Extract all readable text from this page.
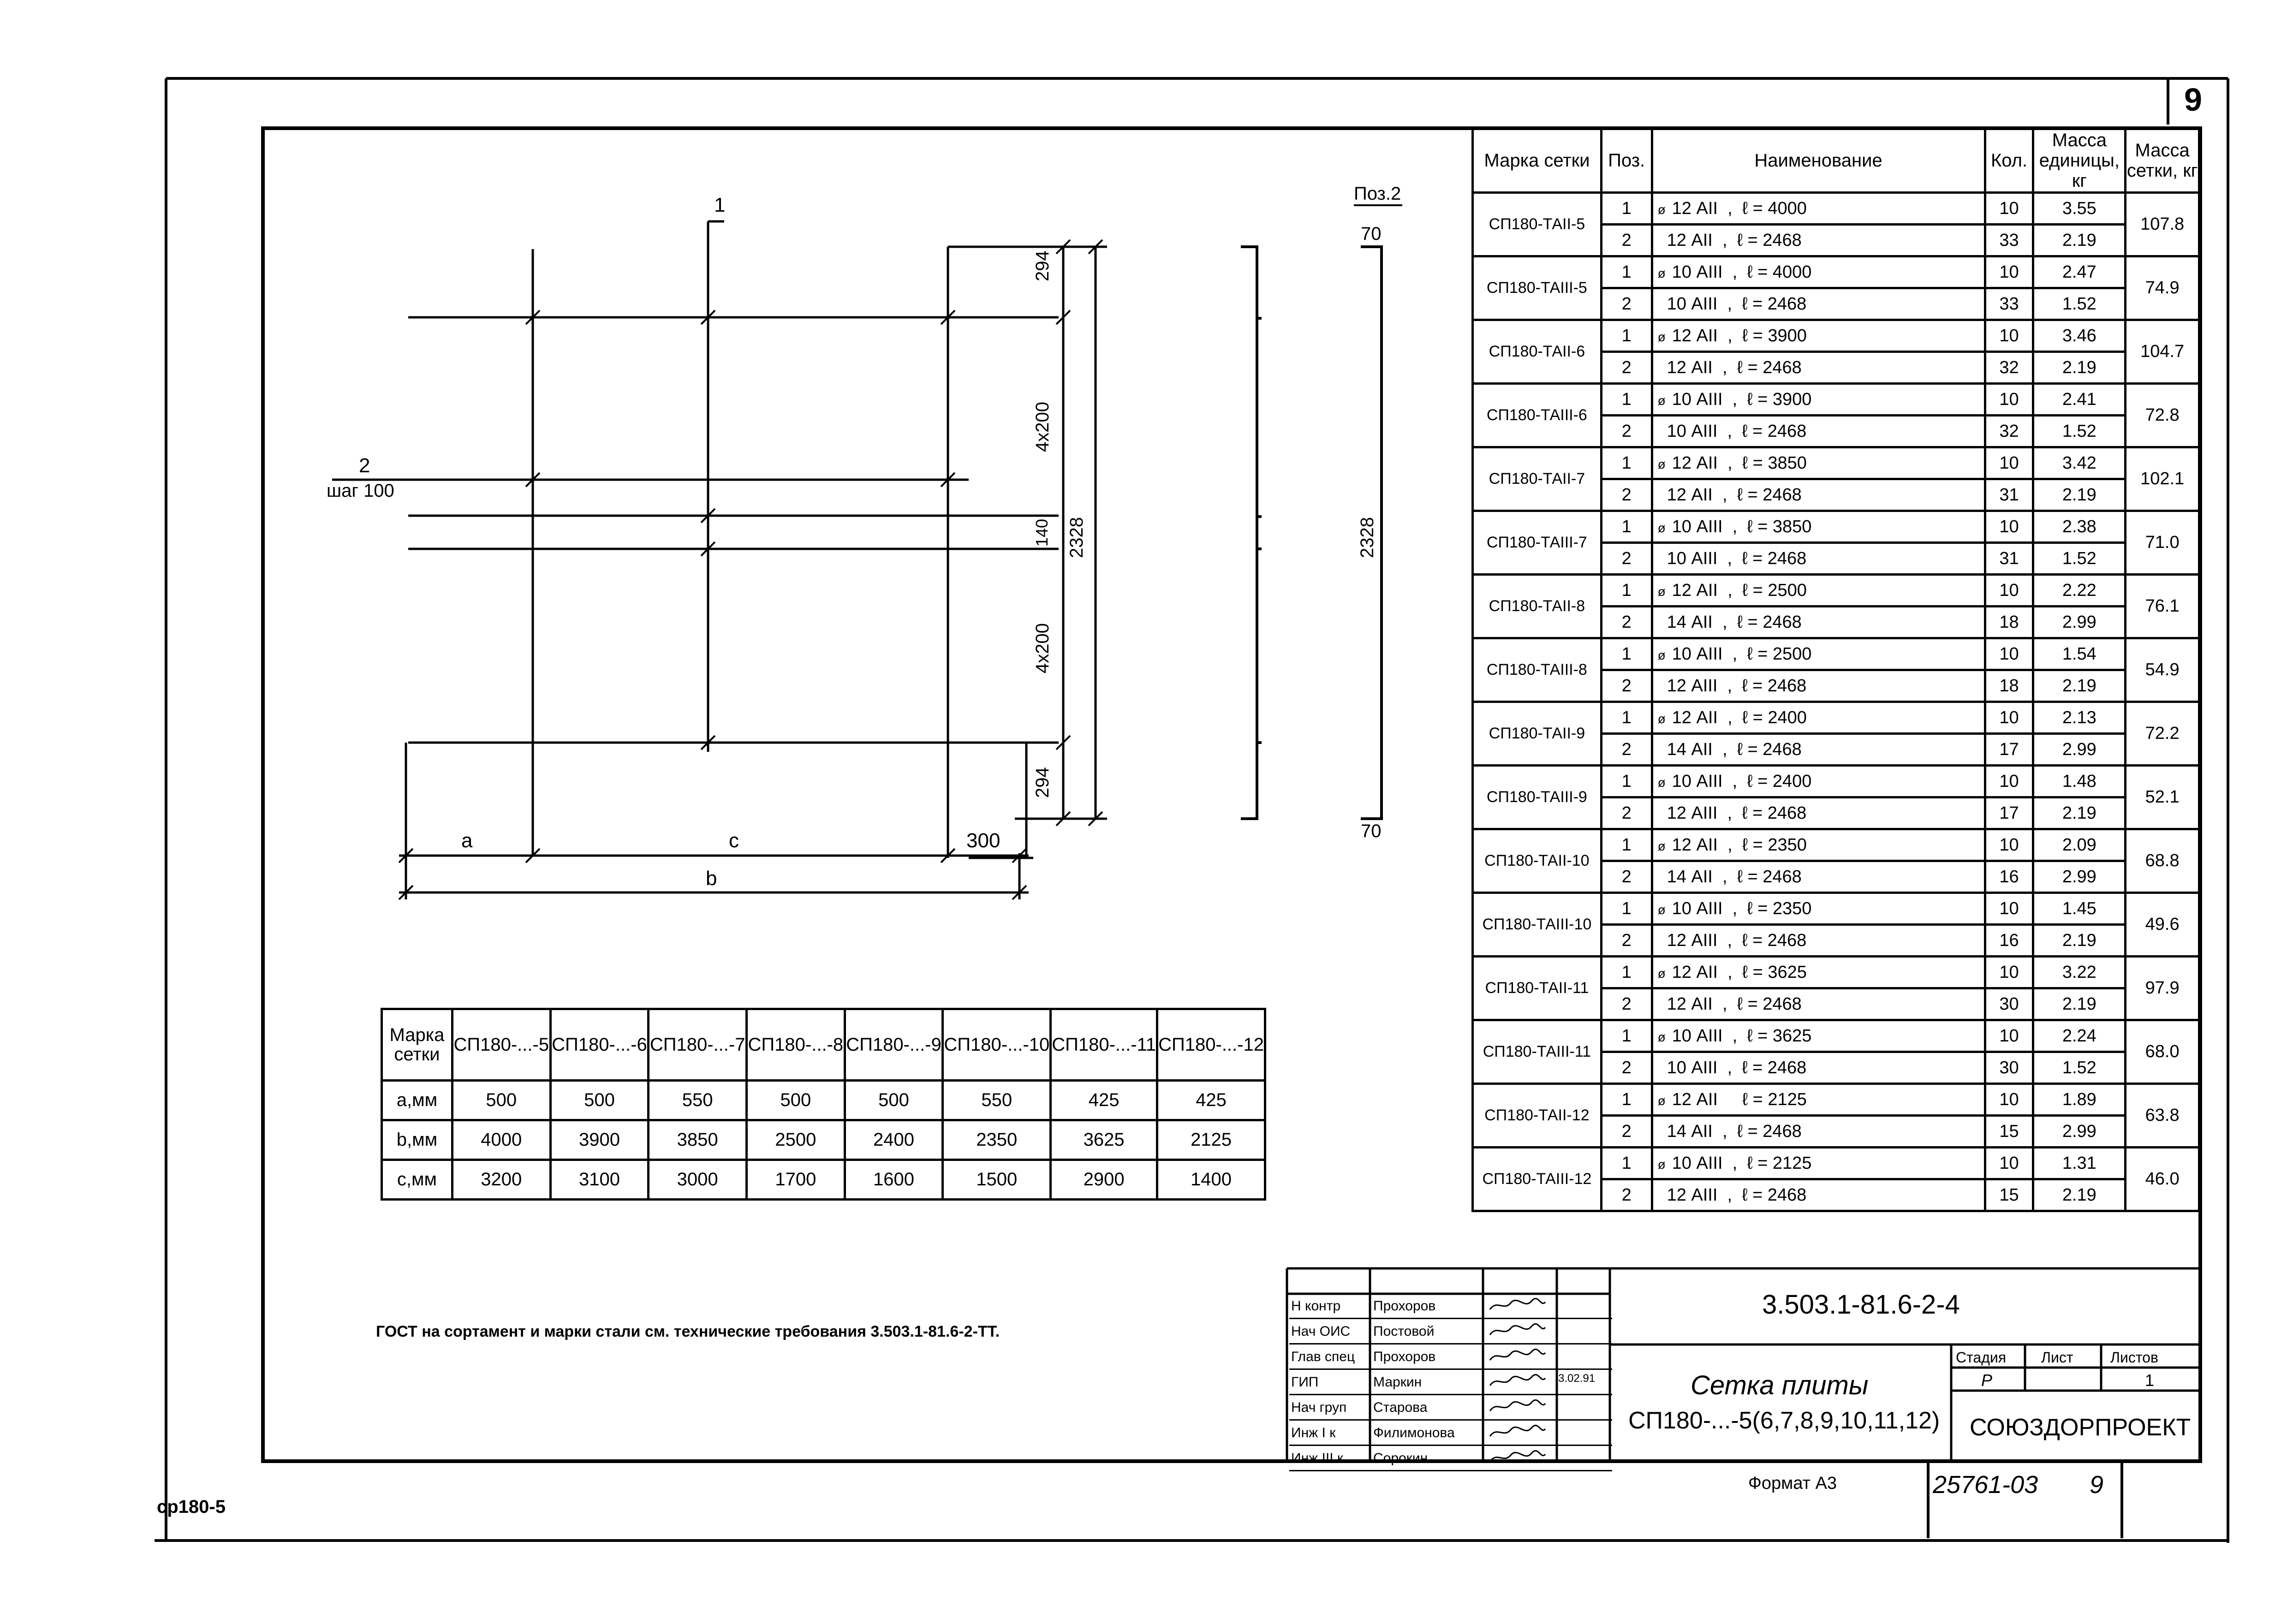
9
1
2
шаг 100
294
4x200
140 2328
4x200
294
a	c	300
b
Поз.2
70
2328
70
Марка сетки	Поз.	Наименование	Кол.	Масса единицы, кг	Масса сетки, кг
СП180-ТАII-5	1	ø 12 АII  ,  ℓ = 4000	10	3.55	107.8
	2	12 АII  ,  ℓ = 2468	33	2.19	
СП180-ТАIII-5	1	ø 10 АIII  ,  ℓ = 4000	10	2.47	74.9
	2	10 АIII  ,  ℓ = 2468	33	1.52	
СП180-ТАII-6	1	ø 12 АII  ,  ℓ = 3900	10	3.46	104.7
	2	12 АII  ,  ℓ = 2468	32	2.19	
СП180-ТАIII-6	1	ø 10 АIII  ,  ℓ = 3900	10	2.41	72.8
	2	10 АIII  ,  ℓ = 2468	32	1.52	
СП180-ТАII-7	1	ø 12 АII  ,  ℓ = 3850	10	3.42	102.1
	2	12 АII  ,  ℓ = 2468	31	2.19	
СП180-ТАIII-7	1	ø 10 АIII  ,  ℓ = 3850	10	2.38	71.0
	2	10 АIII  ,  ℓ = 2468	31	1.52	
СП180-ТАII-8	1	ø 12 АII  ,  ℓ = 2500	10	2.22	76.1
	2	14 АII  ,  ℓ = 2468	18	2.99	
СП180-ТАIII-8	1	ø 10 АIII  ,  ℓ = 2500	10	1.54	54.9
	2	12 АIII  ,  ℓ = 2468	18	2.19	
СП180-ТАII-9	1	ø 12 АII  ,  ℓ = 2400	10	2.13	72.2
	2	14 АII  ,  ℓ = 2468	17	2.99	
СП180-ТАIII-9	1	ø 10 АIII  ,  ℓ = 2400	10	1.48	52.1
	2	12 АIII  ,  ℓ = 2468	17	2.19	
СП180-ТАII-10	1	ø 12 АII  ,  ℓ = 2350	10	2.09	68.8
	2	14 АII  ,  ℓ = 2468	16	2.99	
СП180-ТАIII-10	1	ø 10 АIII  ,  ℓ = 2350	10	1.45	49.6
	2	12 АIII  ,  ℓ = 2468	16	2.19	
СП180-ТАII-11	1	ø 12 АII  ,  ℓ = 3625	10	3.22	97.9
	2	12 АII  ,  ℓ = 2468	30	2.19	
СП180-ТАIII-11	1	ø 10 АIII  ,  ℓ = 3625	10	2.24	68.0
	2	10 АIII  ,  ℓ = 2468	30	1.52	
СП180-ТАII-12	1	ø 12 АII     ℓ = 2125	10	1.89	63.8
	2	14 АII  ,  ℓ = 2468	15	2.99	
СП180-ТАIII-12	1	ø 10 АIII  ,  ℓ = 2125	10	1.31	46.0
	2	12 АIII  ,  ℓ = 2468	15	2.19	
Марка сетки	СП180-...-5	СП180-...-6	СП180-...-7	СП180-...-8	СП180-...-9	СП180-...-10	СП180-...-11	СП180-...-12
a,мм	500	500	550	500	500	550	425	425
b,мм	4000	3900	3850	2500	2400	2350	3625	2125
c,мм	3200	3100	3000	1700	1600	1500	2900	1400
ГОСТ на сортамент и марки стали см. технические требования 3.503.1-81.6-2-ТТ.
Н контр Прохоров
Нач ОИС Постовой
Глав спец Прохоров
ГИП	Маркин
Нач груп Старова
Инж I к	Филимонова
Инж III к Сорокин
3.02.91
3.503.1-81.6-2-4
Сетка плиты
СП180-...-5(6,7,8,9,10,11,12)
Стадия Лист	Листов
Р	1
СОЮЗДОРПРОЕКТ
Формат А3	25761-03 9
ср180-5
